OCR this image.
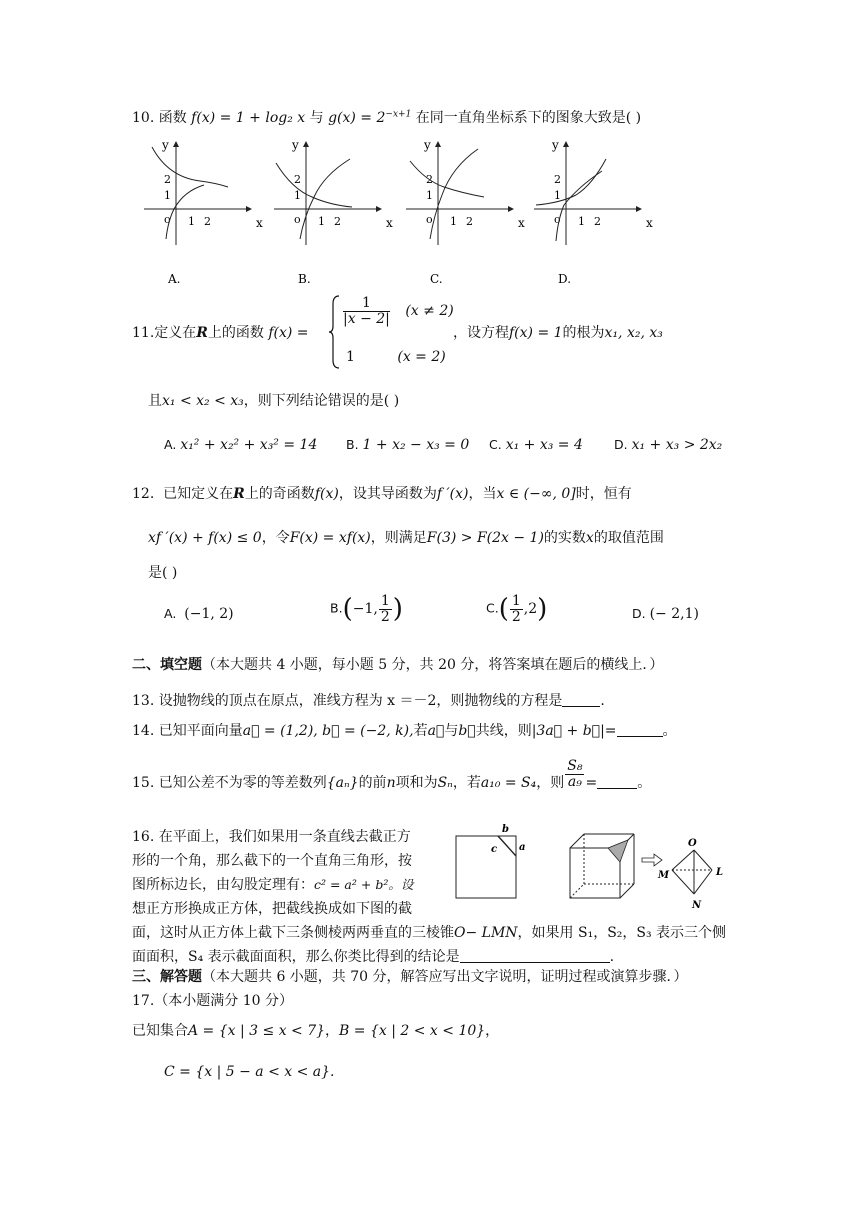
10. 函数 f(x) = 1 + log₂ x 与 $g(x) = 2^{-x+1}$ 在同一直角坐标系下的图象大致是( )
y
x
o 1 2
1
2
A.
y
x
o 1 2
1
2
B.
y
x
o 1 2
1
2
C.
y
x
o 1 2
1
2
D.
11.定义在R上的函数 f(x) =
$\frac{1}{|x - 2|} (x \ne 2)$
1	(x = 2)
，设方程f(x) = 1的根为x₁, x₂, x₃
且x₁ < x₂ < x₃，则下列结论错误的是( )
A. x₁² + x₂² + x₃² = 14 B. 1 + x₂ − x₃ = 0 C. x₁ + x₃ = 4 D. x₁ + x₃ > 2x₂
12. 已知定义在R上的奇函数f(x)，设其导函数为f ′(x)，当x ∈ (−∞, 0]时，恒有
xf ′(x) + f(x) ≤ 0，令F(x) = xf(x)，则满足F(3) > F(2x − 1)的实数x的取值范围
是( )
A. (−1, 2)	B.(−1, $\frac{1}{2}$ )	$C.( \frac{1}{2} ,2)$	D. (− 2,1)
二、填空题（本大题共 4 小题，每小题 5 分，共 20 分，将答案填在题后的横线上．）
13. 设抛物线的顶点在原点，准线方程为 x ＝－2，则抛物线的方程是	.
14. 已知平面向量a⃗ = (1,2), b⃗ = (−2, k),若a⃗与b⃗共线，则|3a⃗ + b⃗|=	。
15. 已知公差不为零的等差数列{aₙ}的前n项和为Sₙ，若a₁₀ = S₄，则 $\frac{\text{S₈}}{\text{a₉}}$ =	。
16. 在平面上，我们如果用一条直线去截正方
形的一个角，那么截下的一个直角三角形，按
图所标边长，由勾股定理有：c² = a² + b²。设
想正方形换成正方体，把截线换成如下图的截
面，这时从正方体上截下三条侧棱两两垂直的三棱锥O− LMN，如果用 S₁，S₂，S₃ 表示三个侧
面面积，S₄ 表示截面面积，那么你类比得到的结论是	.
b
c a	O
M	L
N
三、解答题（本大题共 6 小题，共 70 分，解答应写出文字说明，证明过程或演算步骤．）
17.（本小题满分 10 分）
已知集合A = {x | 3 ≤ x < 7}，B = {x | 2 < x < 10}，
C = {x | 5 − a < x < a}.
